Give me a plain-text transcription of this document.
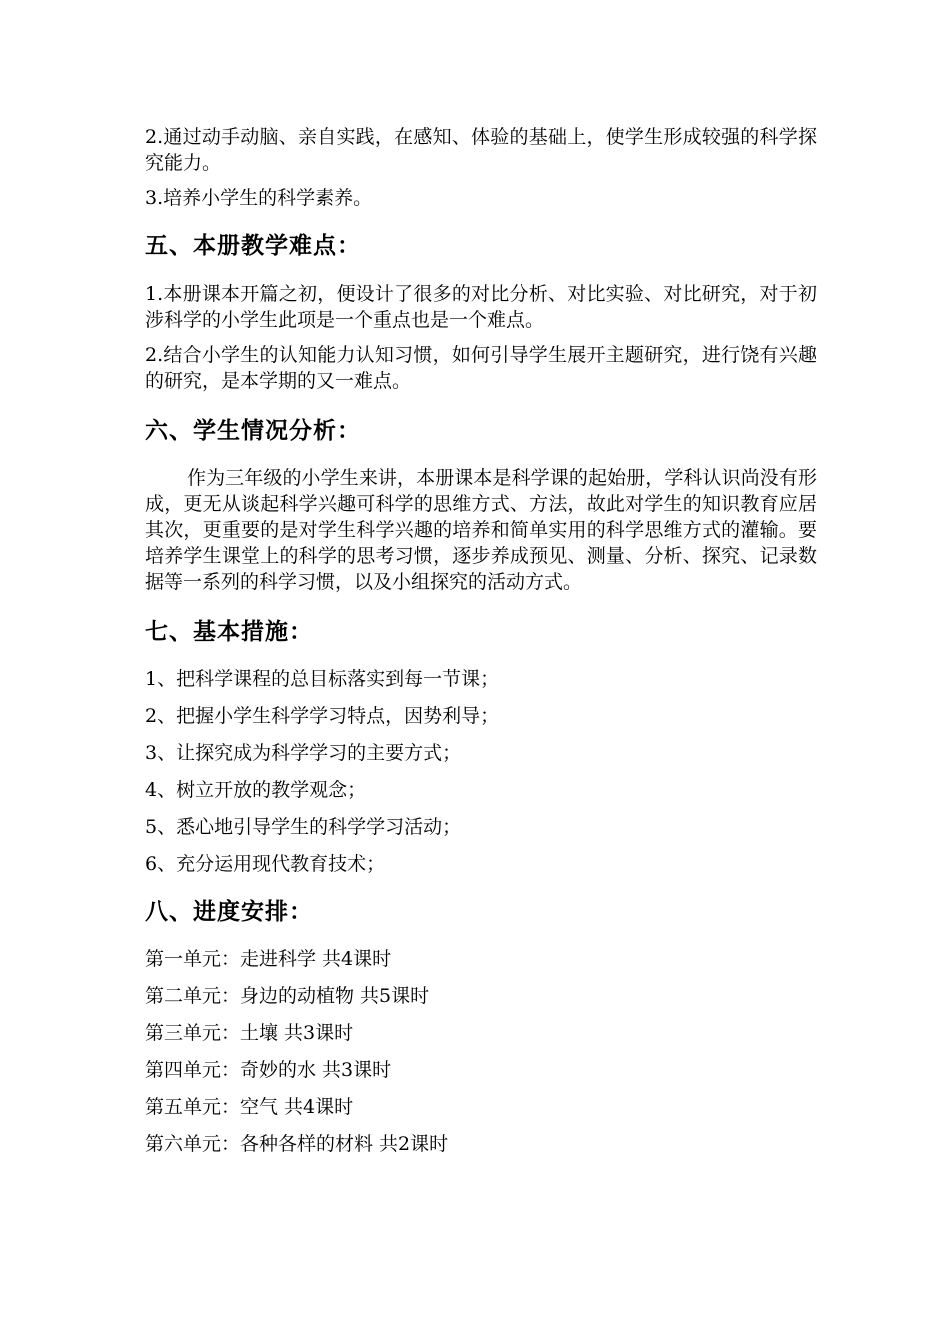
2.通过动手动脑、亲自实践，在感知、体验的基础上，使学生形成较强的科学探究能力。

3.培养小学生的科学素养。

五、本册教学难点：

1.本册课本开篇之初，便设计了很多的对比分析、对比实验、对比研究，对于初涉科学的小学生此项是一个重点也是一个难点。

2.结合小学生的认知能力认知习惯，如何引导学生展开主题研究，进行饶有兴趣的研究，是本学期的又一难点。

六、学生情况分析：

作为三年级的小学生来讲，本册课本是科学课的起始册，学科认识尚没有形成，更无从谈起科学兴趣可科学的思维方式、方法，故此对学生的知识教育应居其次，更重要的是对学生科学兴趣的培养和简单实用的科学思维方式的灌输。要培养学生课堂上的科学的思考习惯，逐步养成预见、测量、分析、探究、记录数据等一系列的科学习惯，以及小组探究的活动方式。

七、基本措施：

1、把科学课程的总目标落实到每一节课；

2、把握小学生科学学习特点，因势利导；

3、让探究成为科学学习的主要方式；

4、树立开放的教学观念；

5、悉心地引导学生的科学学习活动；

6、充分运用现代教育技术；

八、进度安排：

第一单元：走进科学 共4课时

第二单元：身边的动植物 共5课时

第三单元：土壤 共3课时

第四单元：奇妙的水 共3课时

第五单元：空气 共4课时

第六单元：各种各样的材料 共2课时
